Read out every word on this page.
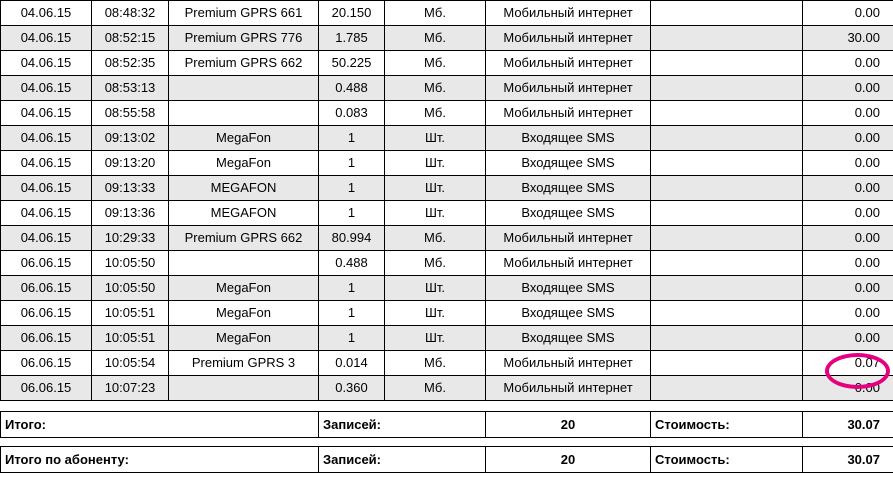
04.06.15	08:48:32	Premium GPRS 661	20.150	Мб.	Мобильный интернет		0.00
04.06.15	08:52:15	Premium GPRS 776	1.785	Мб.	Мобильный интернет		30.00
04.06.15	08:52:35	Premium GPRS 662	50.225	Мб.	Мобильный интернет		0.00
04.06.15	08:53:13		0.488	Мб.	Мобильный интернет		0.00
04.06.15	08:55:58		0.083	Мб.	Мобильный интернет		0.00
04.06.15	09:13:02	MegaFon	1	Шт.	Входящее SMS		0.00
04.06.15	09:13:20	MegaFon	1	Шт.	Входящее SMS		0.00
04.06.15	09:13:33	MEGAFON	1	Шт.	Входящее SMS		0.00
04.06.15	09:13:36	MEGAFON	1	Шт.	Входящее SMS		0.00
04.06.15	10:29:33	Premium GPRS 662	80.994	Мб.	Мобильный интернет		0.00
06.06.15	10:05:50		0.488	Мб.	Мобильный интернет		0.00
06.06.15	10:05:50	MegaFon	1	Шт.	Входящее SMS		0.00
06.06.15	10:05:51	MegaFon	1	Шт.	Входящее SMS		0.00
06.06.15	10:05:51	MegaFon	1	Шт.	Входящее SMS		0.00
06.06.15	10:05:54	Premium GPRS 3	0.014	Мб.	Мобильный интернет		0.07
06.06.15	10:07:23		0.360	Мб.	Мобильный интернет		0.00
Итого:	Записей:	20	Стоимость:	30.07
Итого по абоненту:	Записей:	20	Стоимость:	30.07
